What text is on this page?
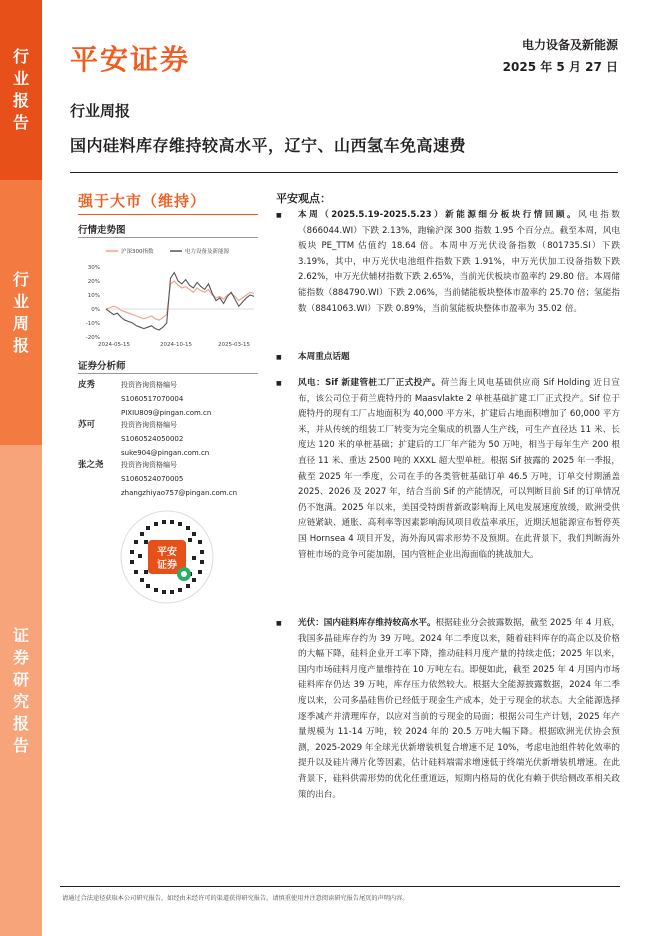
行
业
报
告
行
业
周
报
证
券
研
究
报
告
平安证券	电力设备及新能源
2025 年 5 月 27 日
行业周报
国内硅料库存维持较高水平，辽宁、山西氢车免高速费
强于大市（维持）
行情走势图
沪深300指数	电力设备及新能源
30%
20%
10%
0%
-10%
-20%
2024-05-15	2024-10-15	2025-03-15
证券分析师
皮秀	投资咨询资格编号
S1060517070004
PIXIU809@pingan.com.cn
苏可	投资咨询资格编号
S1060524050002
suke904@pingan.com.cn
张之尧 投资咨询资格编号
S1060524070005
zhangzhiyao757@pingan.com.cn
平安
证券
平安观点：
■	本周（2025.5.19-2025.5.23）新能源细分板块行情回顾。风电指数（866044.WI）下跌 2.13%，跑输沪深 300 指数 1.95 个百分点。截至本周，风电板块 PE_TTM 估值约 18.64 倍。本周申万光伏设备指数（801735.SI）下跌 3.19%，其中，申万光伏电池组件指数下跌 1.91%，申万光伏加工设备指数下跌 2.62%，申万光伏辅材指数下跌 2.65%，当前光伏板块市盈率约 29.80 倍。本周储能指数（884790.WI）下跌 2.06%，当前储能板块整体市盈率约 25.70 倍；氢能指数（8841063.WI）下跌 0.89%，当前氢能板块整体市盈率为 35.02 倍。
■	本周重点话题
■	风电：Sif 新建管桩工厂正式投产。荷兰海上风电基础供应商 Sif Holding 近日宣布，该公司位于荷兰鹿特丹的 Maasvlakte 2 单桩基础扩建工厂正式投产。Sif 位于鹿特丹的现有工厂占地面积为 40,000 平方米，扩建后占地面积增加了 60,000 平方米，并从传统的组装工厂转变为完全集成的机器人生产线，可生产直径达 11 米、长度达 120 米的单桩基础；扩建后的工厂年产能为 50 万吨，相当于每年生产 200 根直径 11 米、重达 2500 吨的 XXXL 超大型单桩。根据 Sif 披露的 2025 年一季报，截至 2025 年一季度，公司在手的各类管桩基础订单 46.5 万吨，订单交付期涵盖 2025、2026 及 2027 年，结合当前 Sif 的产能情况，可以判断目前 Sif 的订单情况仍不饱满。2025 年以来，美国受特朗普新政影响海上风电发展速度放缓，欧洲受供应链紧缺、通胀、高利率等因素影响海风项目收益率承压，近期沃旭能源宣布暂停英国 Hornsea 4 项目开发，海外海风需求形势不及预期。在此背景下，我们判断海外管桩市场的竞争可能加剧，国内管桩企业出海面临的挑战加大。
■	光伏：国内硅料库存维持较高水平。根据硅业分会披露数据，截至 2025 年 4 月底，我国多晶硅库存约为 39 万吨。2024 年二季度以来，随着硅料库存的高企以及价格的大幅下降，硅料企业开工率下降，推动硅料月度产量的持续走低；2025 年以来，国内市场硅料月度产量维持在 10 万吨左右。即便如此，截至 2025 年 4 月国内市场硅料库存仍达 39 万吨，库存压力依然较大。根据大全能源披露数据，2024 年二季度以来，公司多晶硅售价已经低于现金生产成本，处于亏现金的状态。大全能源选择逐季减产并清理库存，以应对当前的亏现金的局面；根据公司生产计划，2025 年产量规模为 11-14 万吨，较 2024 年的 20.5 万吨大幅下降。根据欧洲光伏协会预测，2025-2029 年全球光伏新增装机复合增速不足 10%，考虑电池组件转化效率的提升以及硅片薄片化等因素，估计硅料端需求增速低于终端光伏新增装机增速。在此背景下，硅料供需形势的优化任重道远，短期内格局的优化有赖于供给侧改革相关政策的出台。
请通过合法途径获取本公司研究报告，如经由未经许可的渠道获得研究报告，请慎重使用并注意阅读研究报告尾页的声明内容。
